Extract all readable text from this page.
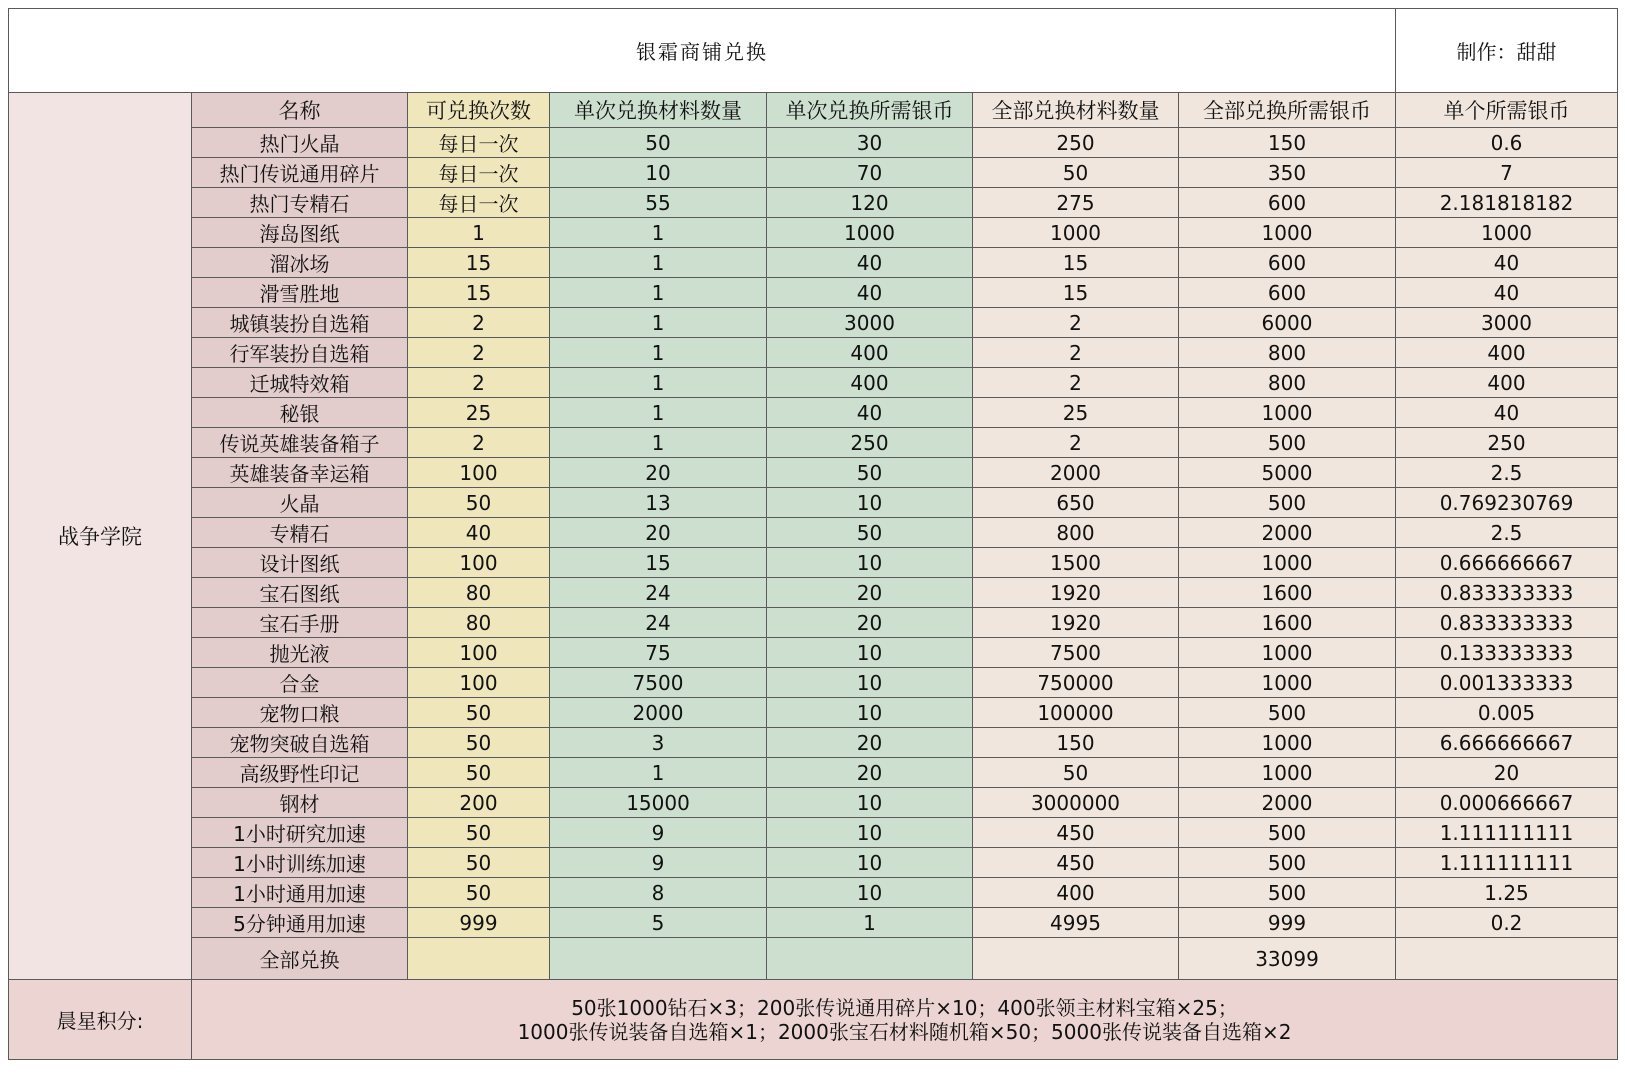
银霜商铺兑换							制作：甜甜
战争学院	名称	可兑换次数	单次兑换材料数量	单次兑换所需银币	全部兑换材料数量	全部兑换所需银币	单个所需银币
	热门火晶	每日一次	50	30	250	150	0.6
	热门传说通用碎片	每日一次	10	70	50	350	7
	热门专精石	每日一次	55	120	275	600	2.181818182
	海岛图纸	1	1	1000	1000	1000	1000
	溜冰场	15	1	40	15	600	40
	滑雪胜地	15	1	40	15	600	40
	城镇装扮自选箱	2	1	3000	2	6000	3000
	行军装扮自选箱	2	1	400	2	800	400
	迁城特效箱	2	1	400	2	800	400
	秘银	25	1	40	25	1000	40
	传说英雄装备箱子	2	1	250	2	500	250
	英雄装备幸运箱	100	20	50	2000	5000	2.5
	火晶	50	13	10	650	500	0.769230769
	专精石	40	20	50	800	2000	2.5
	设计图纸	100	15	10	1500	1000	0.666666667
	宝石图纸	80	24	20	1920	1600	0.833333333
	宝石手册	80	24	20	1920	1600	0.833333333
	抛光液	100	75	10	7500	1000	0.133333333
	合金	100	7500	10	750000	1000	0.001333333
	宠物口粮	50	2000	10	100000	500	0.005
	宠物突破自选箱	50	3	20	150	1000	6.666666667
	高级野性印记	50	1	20	50	1000	20
	钢材	200	15000	10	3000000	2000	0.000666667
	1小时研究加速	50	9	10	450	500	1.111111111
	1小时训练加速	50	9	10	450	500	1.111111111
	1小时通用加速	50	8	10	400	500	1.25
	5分钟通用加速	999	5	1	4995	999	0.2
	全部兑换					33099	
晨星积分:	50张1000钻石×3；200张传说通用碎片×10；400张领主材料宝箱×25；
1000张传说装备自选箱×1；2000张宝石材料随机箱×50；5000张传说装备自选箱×2						
